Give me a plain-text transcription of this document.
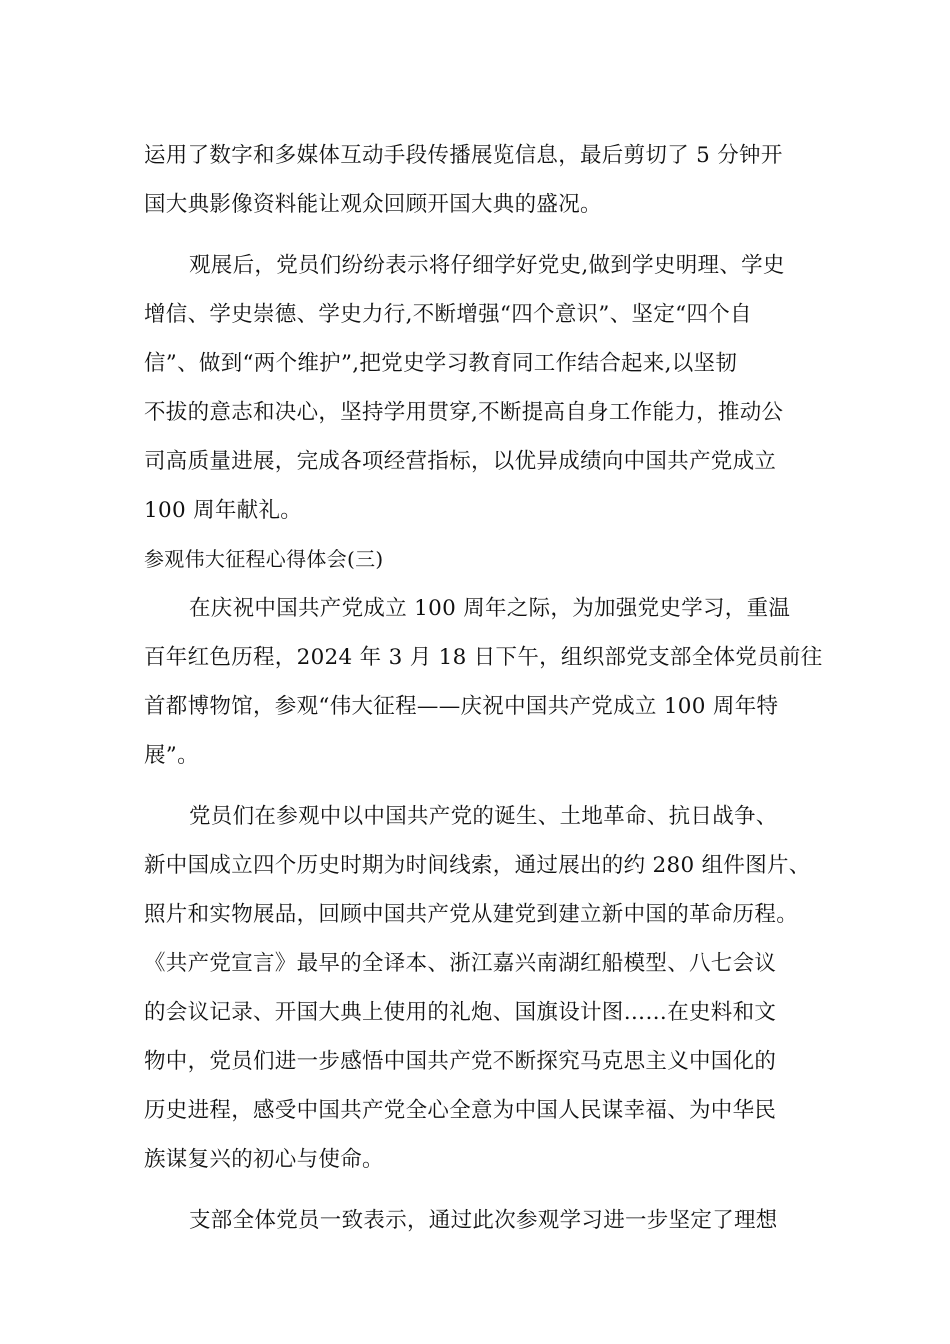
运用了数字和多媒体互动手段传播展览信息，最后剪切了 5 分钟开
国大典影像资料能让观众回顾开国大典的盛况。
观展后，党员们纷纷表示将仔细学好党史,做到学史明理、学史
增信、学史崇德、学史力行,不断增强“四个意识”、坚定“四个自
信”、做到“两个维护”,把党史学习教育同工作结合起来,以坚韧
不拔的意志和决心，坚持学用贯穿,不断提高自身工作能力，推动公
司高质量进展，完成各项经营指标，以优异成绩向中国共产党成立
100 周年献礼。
参观伟大征程心得体会(三)
在庆祝中国共产党成立 100 周年之际，为加强党史学习，重温
百年红色历程，2024 年 3 月 18 日下午，组织部党支部全体党员前往
首都博物馆，参观“伟大征程——庆祝中国共产党成立 100 周年特
展”。
党员们在参观中以中国共产党的诞生、土地革命、抗日战争、
新中国成立四个历史时期为时间线索，通过展出的约 280 组件图片、
照片和实物展品，回顾中国共产党从建党到建立新中国的革命历程。
《共产党宣言》最早的全译本、浙江嘉兴南湖红船模型、八七会议
的会议记录、开国大典上使用的礼炮、国旗设计图……在史料和文
物中，党员们进一步感悟中国共产党不断探究马克思主义中国化的
历史进程，感受中国共产党全心全意为中国人民谋幸福、为中华民
族谋复兴的初心与使命。
支部全体党员一致表示，通过此次参观学习进一步坚定了理想
